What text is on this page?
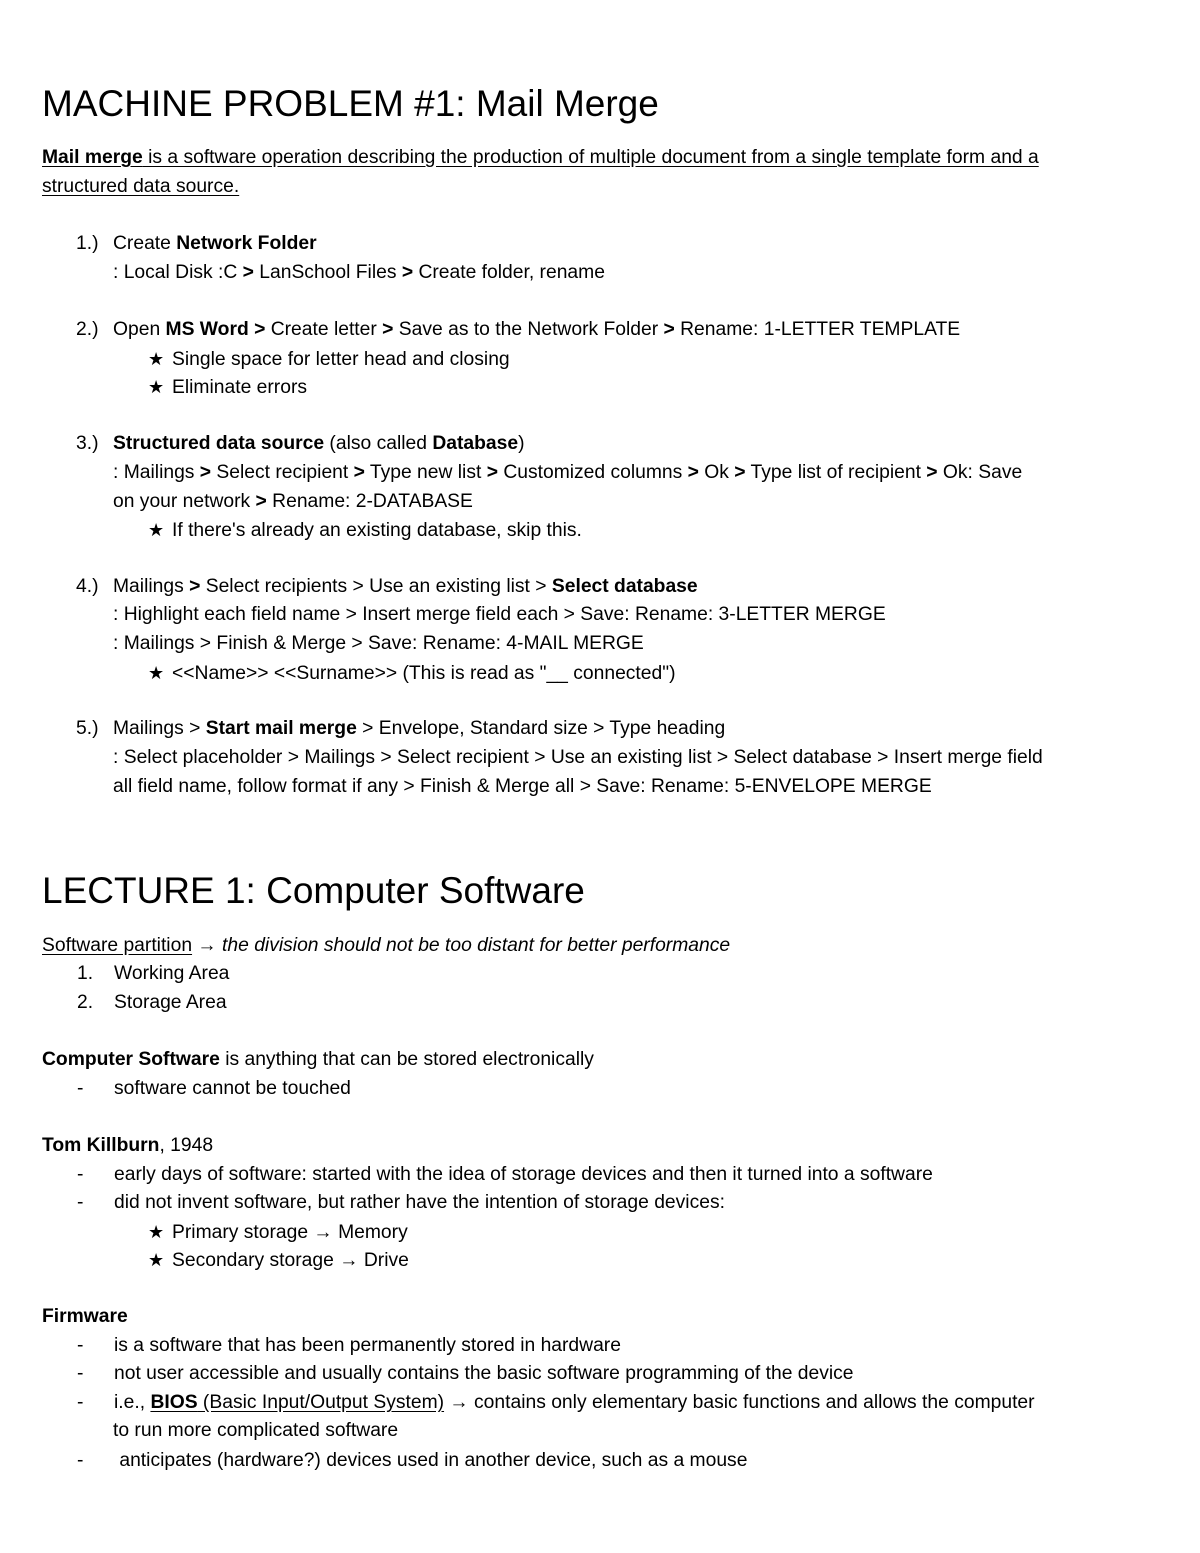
MACHINE PROBLEM #1: Mail Merge

Mail merge is a software operation describing the production of multiple document from a single template form and a

structured data source.

1.) Create Network Folder

: Local Disk :C > LanSchool Files > Create folder, rename

2.) Open MS Word > Create letter > Save as to the Network Folder > Rename: 1-LETTER TEMPLATE

★ Single space for letter head and closing

★ Eliminate errors

3.) Structured data source (also called Database)

: Mailings > Select recipient > Type new list > Customized columns > Ok > Type list of recipient > Ok: Save

on your network > Rename: 2-DATABASE

★ If there's already an existing database, skip this.

4.) Mailings > Select recipients > Use an existing list > Select database

: Highlight each field name > Insert merge field each > Save: Rename: 3-LETTER MERGE

: Mailings > Finish & Merge > Save: Rename: 4-MAIL MERGE

★ <<Name>> <<Surname>> (This is read as "__ connected")

5.) Mailings > Start mail merge > Envelope, Standard size > Type heading

: Select placeholder > Mailings > Select recipient > Use an existing list > Select database > Insert merge field

all field name, follow format if any > Finish & Merge all > Save: Rename: 5-ENVELOPE MERGE

LECTURE 1: Computer Software

Software partition → the division should not be too distant for better performance

1. Working Area

2. Storage Area

Computer Software is anything that can be stored electronically

- software cannot be touched

Tom Killburn, 1948

- early days of software: started with the idea of storage devices and then it turned into a software

- did not invent software, but rather have the intention of storage devices:

★ Primary storage → Memory

★ Secondary storage → Drive

Firmware

- is a software that has been permanently stored in hardware

- not user accessible and usually contains the basic software programming of the device

- i.e., BIOS (Basic Input/Output System) → contains only elementary basic functions and allows the computer

to run more complicated software

- anticipates (hardware?) devices used in another device, such as a mouse
